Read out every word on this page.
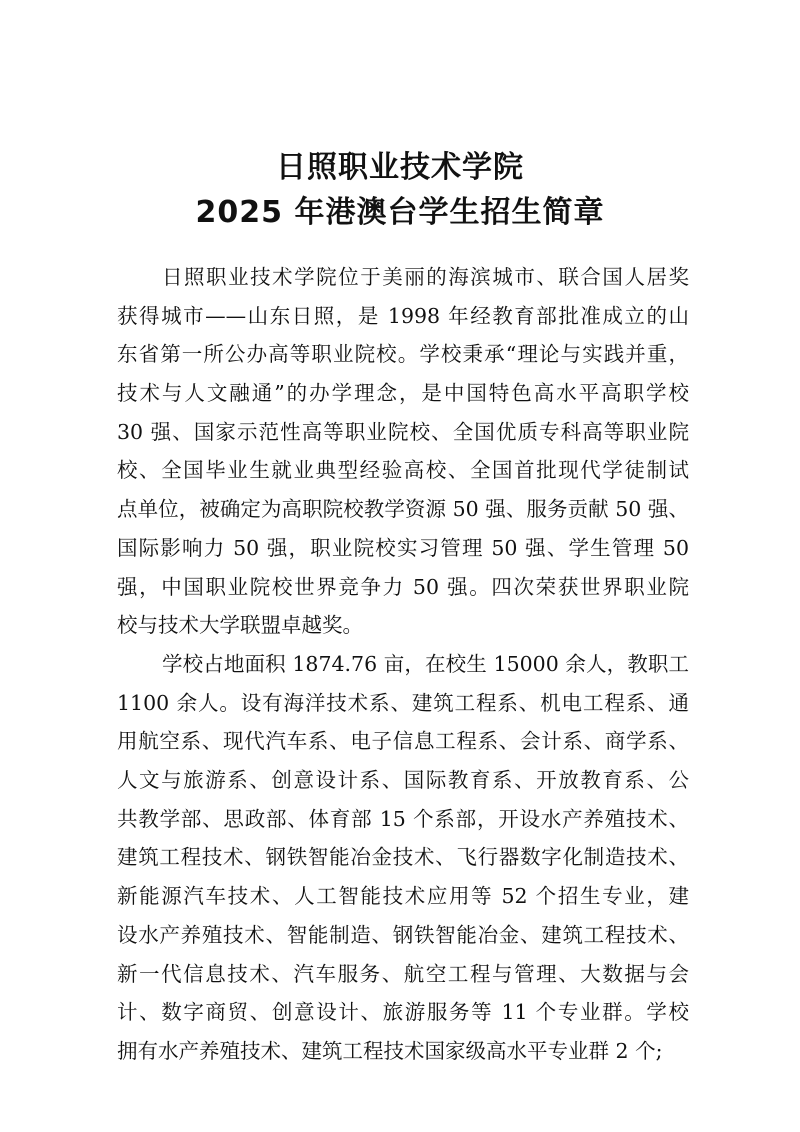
日照职业技术学院
2025 年港澳台学生招生简章
日照职业技术学院位于美丽的海滨城市、联合国人居奖
获得城市——山东日照，是 1998 年经教育部批准成立的山
东省第一所公办高等职业院校。学校秉承“理论与实践并重，
技术与人文融通”的办学理念，是中国特色高水平高职学校
30 强、国家示范性高等职业院校、全国优质专科高等职业院
校、全国毕业生就业典型经验高校、全国首批现代学徒制试
点单位，被确定为高职院校教学资源 50 强、服务贡献 50 强、
国际影响力 50 强，职业院校实习管理 50 强、学生管理 50
强，中国职业院校世界竞争力 50 强。四次荣获世界职业院
校与技术大学联盟卓越奖。
学校占地面积 1874.76 亩，在校生 15000 余人，教职工
1100 余人。设有海洋技术系、建筑工程系、机电工程系、通
用航空系、现代汽车系、电子信息工程系、会计系、商学系、
人文与旅游系、创意设计系、国际教育系、开放教育系、公
共教学部、思政部、体育部 15 个系部，开设水产养殖技术、
建筑工程技术、钢铁智能冶金技术、飞行器数字化制造技术、
新能源汽车技术、人工智能技术应用等 52 个招生专业，建
设水产养殖技术、智能制造、钢铁智能冶金、建筑工程技术、
新一代信息技术、汽车服务、航空工程与管理、大数据与会
计、数字商贸、创意设计、旅游服务等 11 个专业群。学校
拥有水产养殖技术、建筑工程技术国家级高水平专业群 2 个;
